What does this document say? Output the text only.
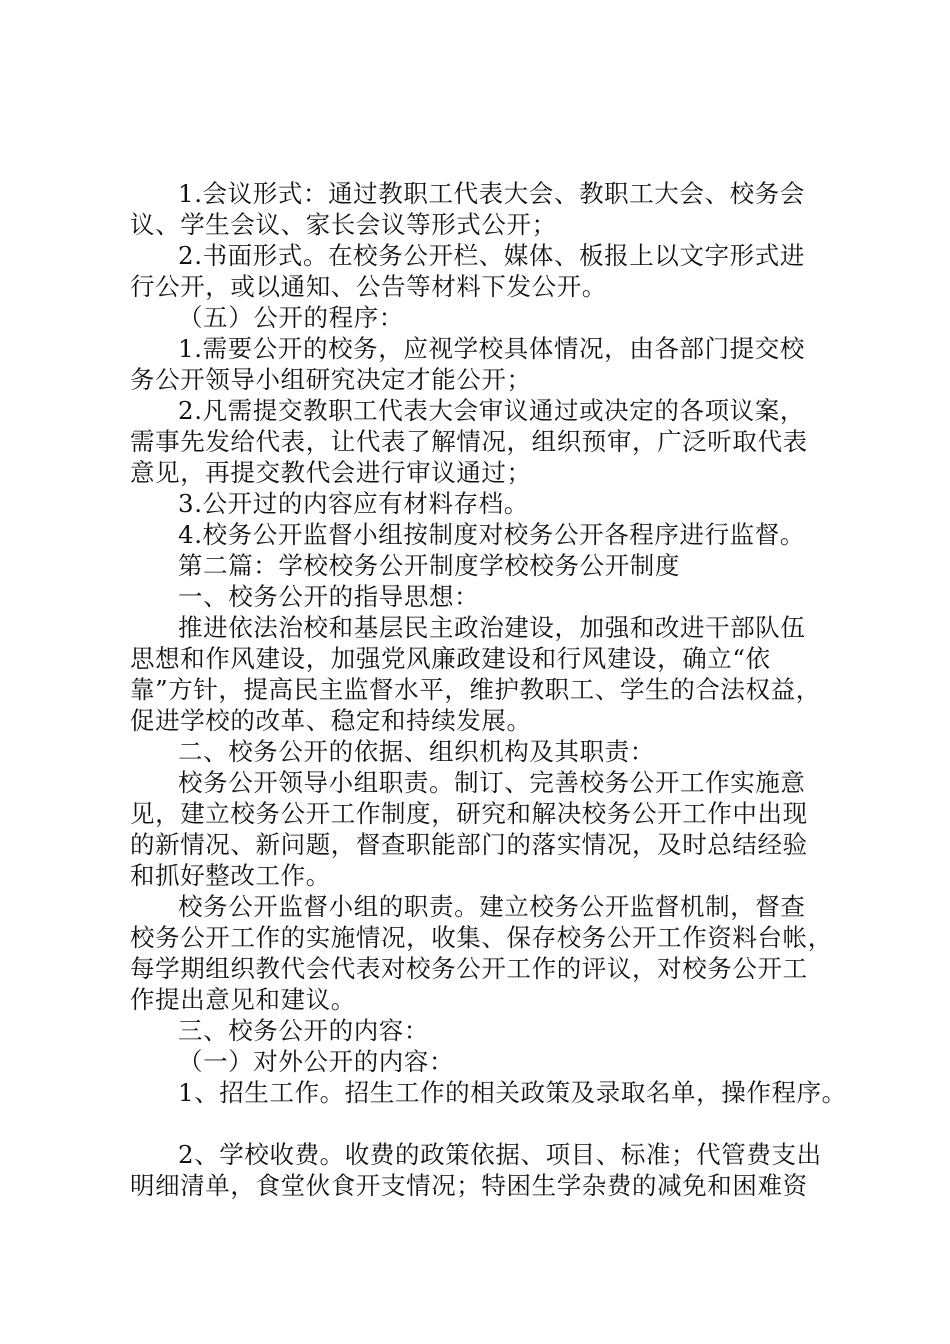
1.会议形式：通过教职工代表大会、教职工大会、校务会
议、学生会议、家长会议等形式公开；
2.书面形式。在校务公开栏、媒体、板报上以文字形式进
行公开，或以通知、公告等材料下发公开。
（五）公开的程序：
1.需要公开的校务，应视学校具体情况，由各部门提交校
务公开领导小组研究决定才能公开；
2.凡需提交教职工代表大会审议通过或决定的各项议案，
需事先发给代表，让代表了解情况，组织预审，广泛听取代表
意见，再提交教代会进行审议通过；
3.公开过的内容应有材料存档。
4.校务公开监督小组按制度对校务公开各程序进行监督。
第二篇：学校校务公开制度学校校务公开制度
一、校务公开的指导思想：
推进依法治校和基层民主政治建设，加强和改进干部队伍
思想和作风建设，加强党风廉政建设和行风建设，确立“依
靠”方针，提高民主监督水平，维护教职工、学生的合法权益，
促进学校的改革、稳定和持续发展。
二、校务公开的依据、组织机构及其职责：
校务公开领导小组职责。制订、完善校务公开工作实施意
见，建立校务公开工作制度，研究和解决校务公开工作中出现
的新情况、新问题，督查职能部门的落实情况，及时总结经验
和抓好整改工作。
校务公开监督小组的职责。建立校务公开监督机制，督查
校务公开工作的实施情况，收集、保存校务公开工作资料台帐，
每学期组织教代会代表对校务公开工作的评议，对校务公开工
作提出意见和建议。
三、校务公开的内容：
（一）对外公开的内容：
1、招生工作。招生工作的相关政策及录取名单，操作程序。
2、学校收费。收费的政策依据、项目、标准；代管费支出
明细清单，食堂伙食开支情况；特困生学杂费的减免和困难资
